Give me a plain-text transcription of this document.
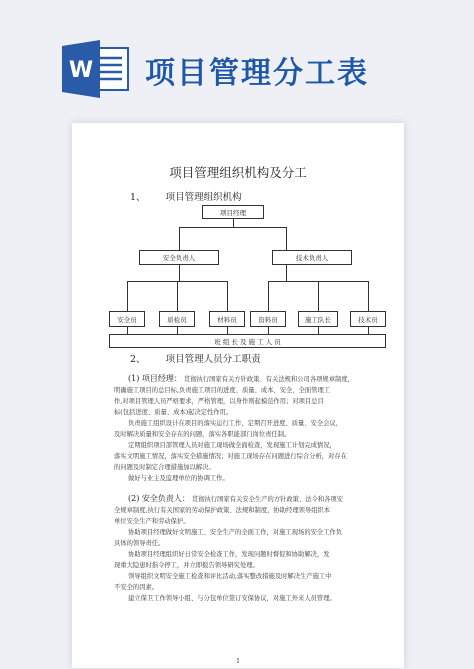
W 项目管理分工表
项目管理组织机构及分工
1、 项目管理组织机构
项目经理
安全负责人	技术负责人
安全员	质检员	材料员	资料员	施工队长	技术员
班 组 长 及 施 工 人 员
2、 项目管理人员分工职责

(1) 项目经理： 贯彻执行国家有关方针政策、有关法规和公司各项规章制度，

明确施工项目的总目标,负责施工项目的进度、质量、成本、安全、全面管理工

作,对项目管理人员严格要求，严格管理，以身作则起模范作用；对项目总目

标(包括进度、质量、成本)起决定性作用。

负责施工组织设计在项目的落实运行工作，定期召开进度、质量、安全会议，

及时解决质量和安全存在的问题，落实各职能部门岗位责任制。

定期组织项目部管理人员对施工现场做全面检查，发现施工计划完成情况，

落实文明施工情况，落实安全措施情况；对施工现场存在问题进行综合分析，对存在

的问题及时制定合理措施加以解决。

做好与业主及监理单位的协调工作。

(2) 安全负责人： 贯彻执行国家有关安全生产的方针政策、法令和各项安

全规章制度,执行有关国家的劳动保护政策、法规和制度，协助经理领导组织本

单位安全生产和劳动保护。

协助项目经理做好文明施工、安全生产的全面工作，对施工现场的安全工作负

具体的领导责任。

协助项目经理组织好日常安全检查工作，发现问题时督促和协助解决，发

现重大隐患时指令停工，并立即报告领导研究处理。

领导组织文明安全施工检查和评比活动,落实整改措施及时解决生产施工中

不安全的因素。

建立保卫工作领导小组、与分包单位签订安保协议，对施工外来人员管理。

1
